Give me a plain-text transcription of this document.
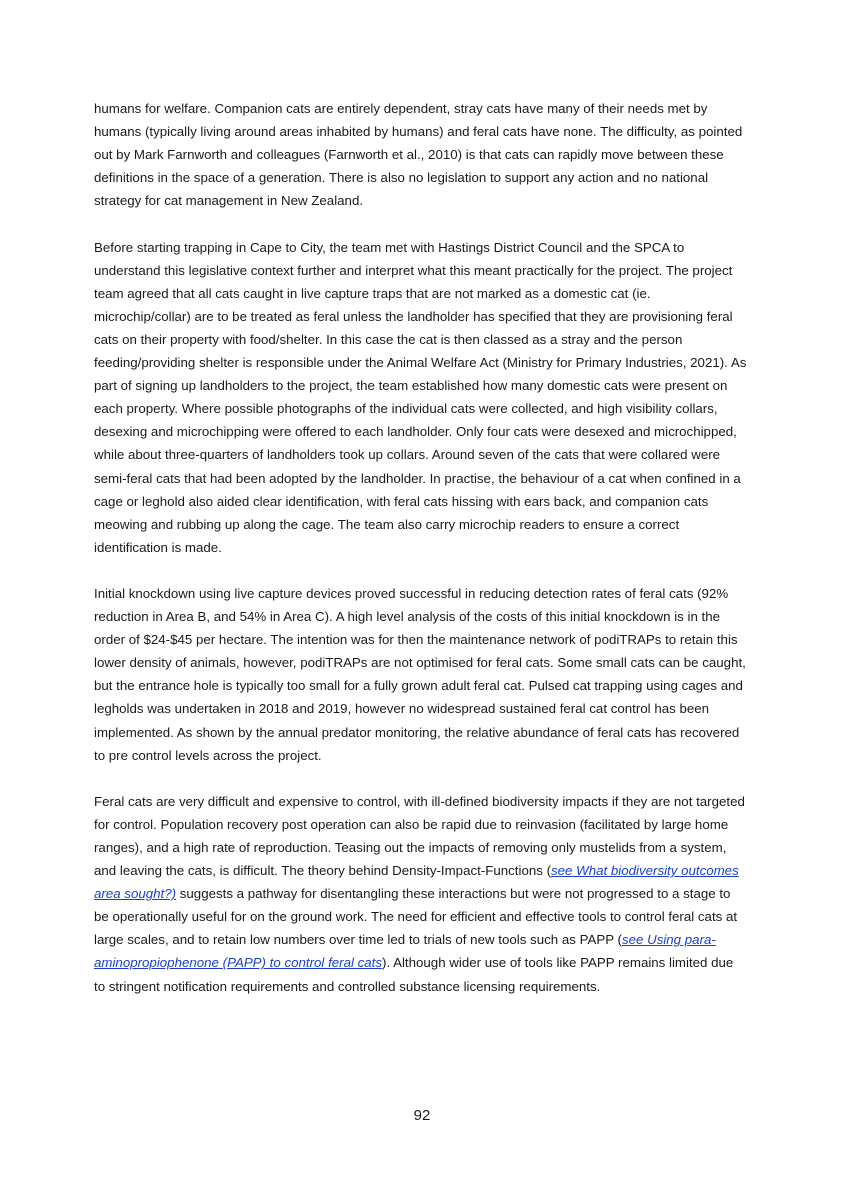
humans for welfare. Companion cats are entirely dependent, stray cats have many of their needs met by humans (typically living around areas inhabited by humans) and feral cats have none. The difficulty, as pointed out by Mark Farnworth and colleagues (Farnworth et al., 2010) is that cats can rapidly move between these definitions in the space of a generation. There is also no legislation to support any action and no national strategy for cat management in New Zealand.

Before starting trapping in Cape to City, the team met with Hastings District Council and the SPCA to understand this legislative context further and interpret what this meant practically for the project. The project team agreed that all cats caught in live capture traps that are not marked as a domestic cat (ie. microchip/collar) are to be treated as feral unless the landholder has specified that they are provisioning feral cats on their property with food/shelter. In this case the cat is then classed as a stray and the person feeding/providing shelter is responsible under the Animal Welfare Act (Ministry for Primary Industries, 2021). As part of signing up landholders to the project, the team established how many domestic cats were present on each property. Where possible photographs of the individual cats were collected, and high visibility collars, desexing and microchipping were offered to each landholder. Only four cats were desexed and microchipped, while about three-quarters of landholders took up collars. Around seven of the cats that were collared were semi-feral cats that had been adopted by the landholder. In practise, the behaviour of a cat when confined in a cage or leghold also aided clear identification, with feral cats hissing with ears back, and companion cats meowing and rubbing up along the cage. The team also carry microchip readers to ensure a correct identification is made.

Initial knockdown using live capture devices proved successful in reducing detection rates of feral cats (92% reduction in Area B, and 54% in Area C). A high level analysis of the costs of this initial knockdown is in the order of $24-$45 per hectare. The intention was for then the maintenance network of podiTRAPs to retain this lower density of animals, however, podiTRAPs are not optimised for feral cats. Some small cats can be caught, but the entrance hole is typically too small for a fully grown adult feral cat. Pulsed cat trapping using cages and legholds was undertaken in 2018 and 2019, however no widespread sustained feral cat control has been implemented. As shown by the annual predator monitoring, the relative abundance of feral cats has recovered to pre control levels across the project.

Feral cats are very difficult and expensive to control, with ill-defined biodiversity impacts if they are not targeted for control. Population recovery post operation can also be rapid due to reinvasion (facilitated by large home ranges), and a high rate of reproduction. Teasing out the impacts of removing only mustelids from a system, and leaving the cats, is difficult. The theory behind Density-Impact-Functions (see What biodiversity outcomes area sought?) suggests a pathway for disentangling these interactions but were not progressed to a stage to be operationally useful for on the ground work. The need for efficient and effective tools to control feral cats at large scales, and to retain low numbers over time led to trials of new tools such as PAPP (see Using para-aminopropiophenone (PAPP) to control feral cats). Although wider use of tools like PAPP remains limited due to stringent notification requirements and controlled substance licensing requirements.

92
